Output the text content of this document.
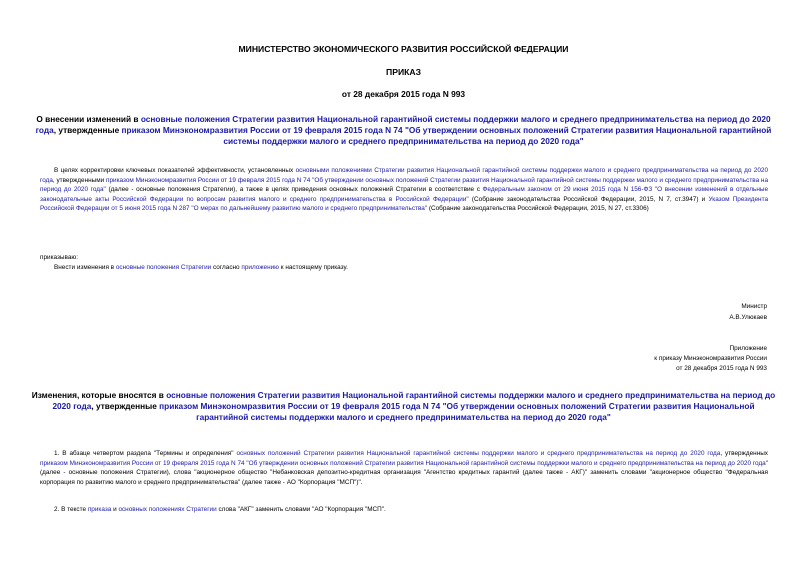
МИНИСТЕРСТВО ЭКОНОМИЧЕСКОГО РАЗВИТИЯ РОССИЙСКОЙ ФЕДЕРАЦИИ
ПРИКАЗ
от 28 декабря 2015 года N 993
О внесении изменений в основные положения Стратегии развития Национальной гарантийной системы поддержки малого и среднего предпринимательства на период до 2020 года, утвержденные приказом Минэкономразвития России от 19 февраля 2015 года N 74 "Об утверждении основных положений Стратегии развития Национальной гарантийной системы поддержки малого и среднего предпринимательства на период до 2020 года"
В целях корректировки ключевых показателей эффективности, установленных основными положениями Стратегии развития Национальной гарантийной системы поддержки малого и среднего предпринимательства на период до 2020 года, утвержденными приказом Минэкономразвития России от 19 февраля 2015 года N 74 "Об утверждении основных положений Стратегии развития Национальной гарантийной системы поддержки малого и среднего предпринимательства на период до 2020 года" (далее - основные положения Стратегии), а также в целях приведения основных положений Стратегии в соответствие с Федеральным законом от 29 июня 2015 года N 156-ФЗ "О внесении изменений в отдельные законодательные акты Российской Федерации по вопросам развития малого и среднего предпринимательства в Российской Федерации" (Собрание законодательства Российской Федерации, 2015, N 7, ст.3947) и Указом Президента Российской Федерации от 5 июня 2015 года N 287 "О мерах по дальнейшему развитию малого и среднего предпринимательства" (Собрание законодательства Российской Федерации, 2015, N 27, ст.3306)
приказываю:
Внести изменения в основные положения Стратегии согласно приложению к настоящему приказу.
Министр
А.В.Улюкаев
Приложение
к приказу Минэкономразвития России
от 28 декабря 2015 года N 993
Изменения, которые вносятся в основные положения Стратегии развития Национальной гарантийной системы поддержки малого и среднего предпринимательства на период до 2020 года, утвержденные приказом Минэкономразвития России от 19 февраля 2015 года N 74 "Об утверждении основных положений Стратегии развития Национальной гарантийной системы поддержки малого и среднего предпринимательства на период до 2020 года"
1. В абзаце четвертом раздела "Термины и определения" основных положений Стратегии развития Национальной гарантийной системы поддержки малого и среднего предпринимательства на период до 2020 года, утвержденных приказом Минэкономразвития России от 19 февраля 2015 года N 74 "Об утверждении основных положений Стратегии развития Национальной гарантийной системы поддержки малого и среднего предпринимательства на период до 2020 года" (далее - основные положения Стратегии), слова "акционерное общество "Небанковская депозитно-кредитная организация "Агентство кредитных гарантий (далее также - АКГ)" заменить словами "акционерное общество "Федеральная корпорация по развитию малого и среднего предпринимательства" (далее также - АО "Корпорация "МСП")".
2. В тексте приказа и основных положениях Стратегии слова "АКГ" заменить словами "АО "Корпорация "МСП".
